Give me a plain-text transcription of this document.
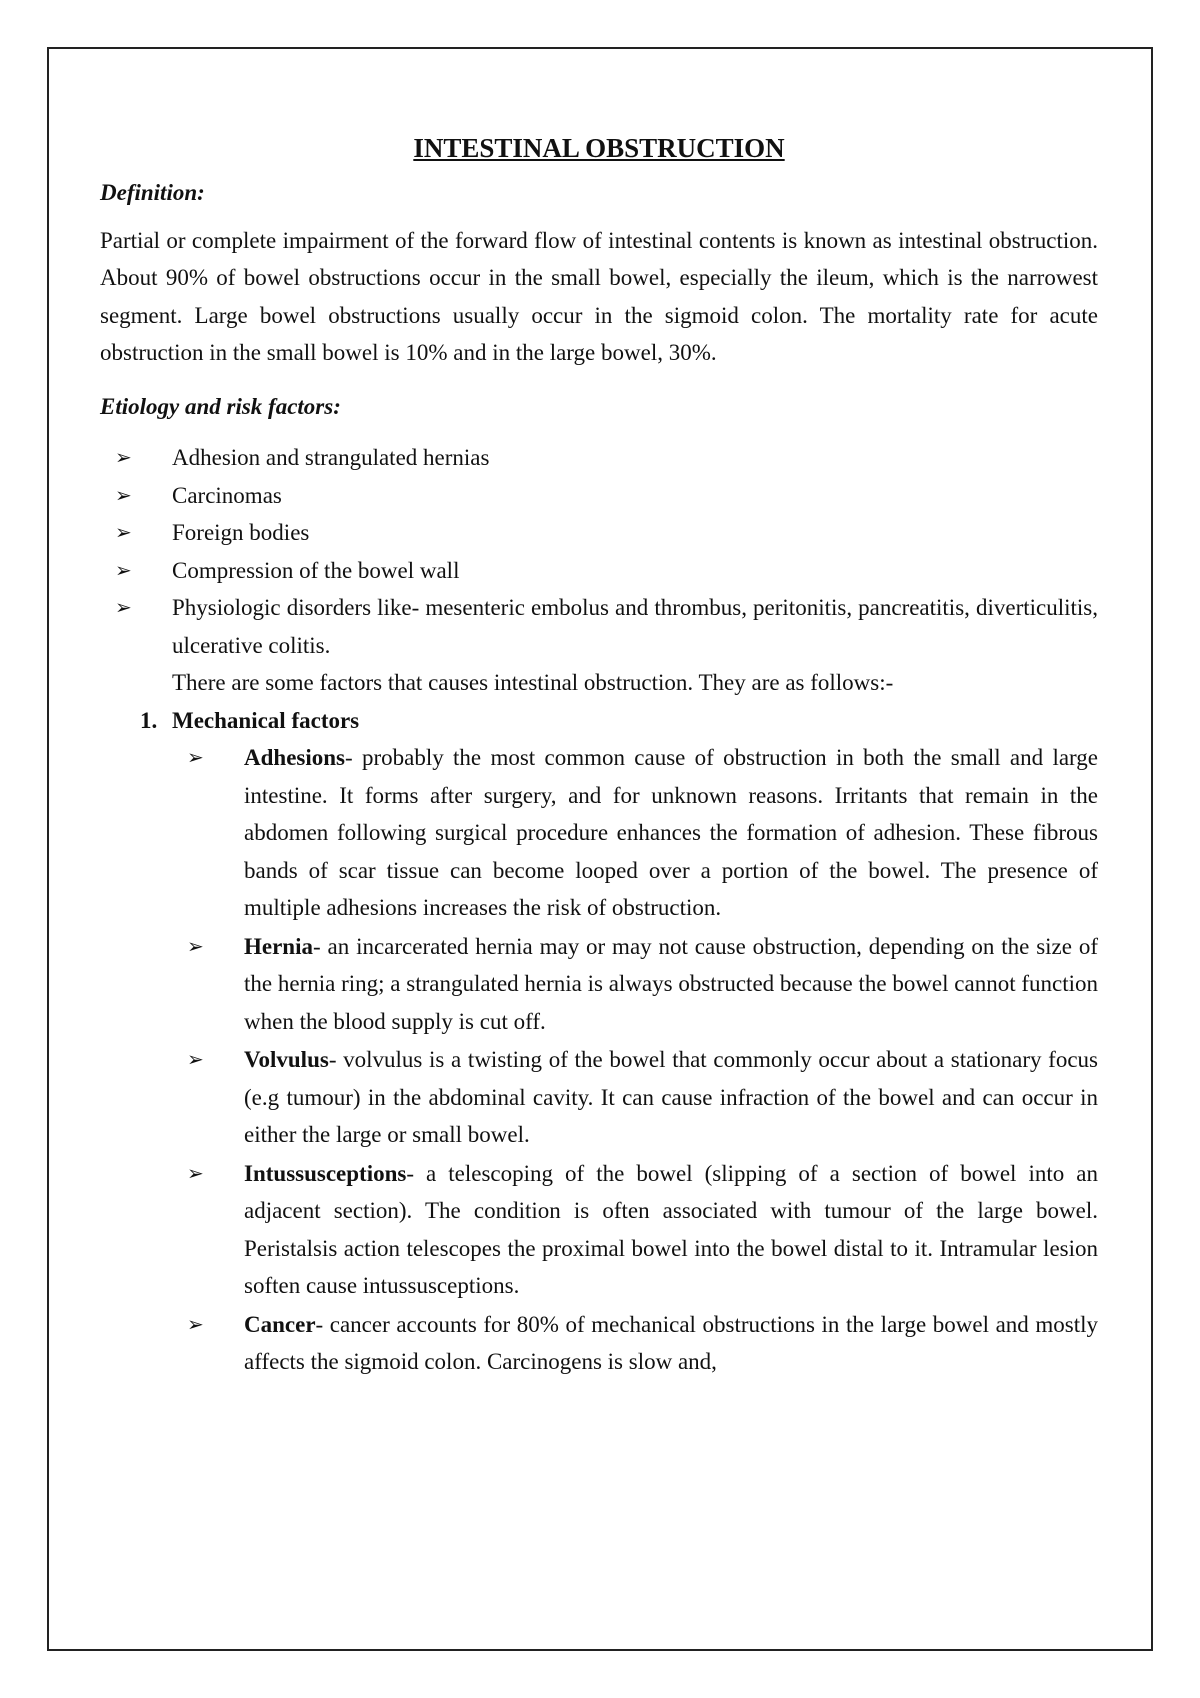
INTESTINAL OBSTRUCTION

Definition:

Partial or complete impairment of the forward flow of intestinal contents is known as intestinal obstruction. About 90% of bowel obstructions occur in the small bowel, especially the ileum, which is the narrowest segment. Large bowel obstructions usually occur in the sigmoid colon. The mortality rate for acute obstruction in the small bowel is 10% and in the large bowel, 30%.

Etiology and risk factors:

➢ Adhesion and strangulated hernias
➢ Carcinomas
➢ Foreign bodies
➢ Compression of the bowel wall
➢ Physiologic disorders like- mesenteric embolus and thrombus, peritonitis, pancreatitis, diverticulitis, ulcerative colitis.

There are some factors that causes intestinal obstruction. They are as follows:-

1. Mechanical factors

➢ Adhesions- probably the most common cause of obstruction in both the small and large intestine. It forms after surgery, and for unknown reasons. Irritants that remain in the abdomen following surgical procedure enhances the formation of adhesion. These fibrous bands of scar tissue can become looped over a portion of the bowel. The presence of multiple adhesions increases the risk of obstruction.
➢ Hernia- an incarcerated hernia may or may not cause obstruction, depending on the size of the hernia ring; a strangulated hernia is always obstructed because the bowel cannot function when the blood supply is cut off.
➢ Volvulus- volvulus is a twisting of the bowel that commonly occur about a stationary focus (e.g tumour) in the abdominal cavity. It can cause infraction of the bowel and can occur in either the large or small bowel.
➢ Intussusceptions- a telescoping of the bowel (slipping of a section of bowel into an adjacent section). The condition is often associated with tumour of the large bowel. Peristalsis action telescopes the proximal bowel into the bowel distal to it. Intramular lesion soften cause intussusceptions.
➢ Cancer- cancer accounts for 80% of mechanical obstructions in the large bowel and mostly affects the sigmoid colon. Carcinogens is slow and,
